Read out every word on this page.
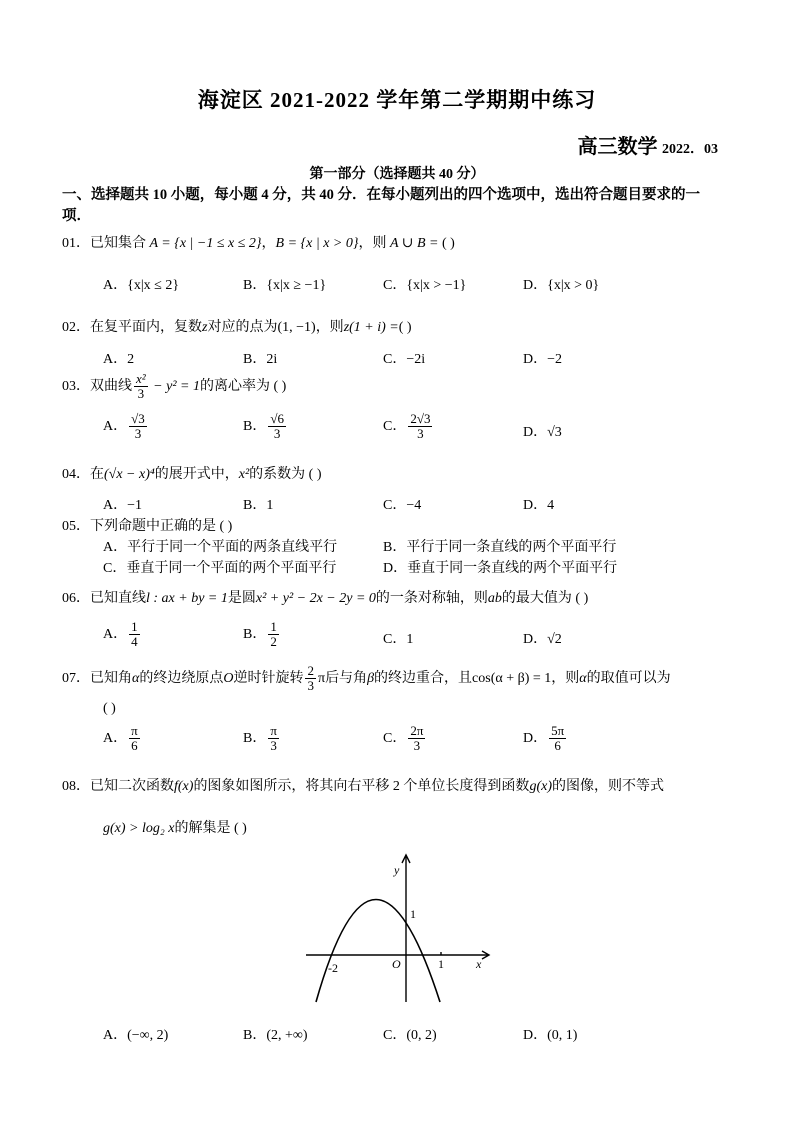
海淀区 2021-2022 学年第二学期期中练习
高三数学 2022．03
第一部分（选择题共 40 分）
一、选择题共 10 小题，每小题 4 分，共 40 分．在每小题列出的四个选项中，选出符合题目要求的一
项．
01．已知集合 A = {x | −1 ≤ x ≤ 2}，B = {x | x > 0}，则 A ∪ B = ( )
A．{x|x ≤ 2}	B．{x|x ≥ −1}	C．{x|x > −1}	D．{x|x > 0}
02．在复平面内，复数z对应的点为(1, −1)，则z(1 + i) =( )
A．2	B．2i	C．−2i	D．−2
03．双曲线 $\frac{\text{x²}}{3} - y^2 = 1$的离心率为 ( )
A． $\frac{√3}{3}$	B． $\frac{√6}{3}$	C． $\frac{2√3}{3}$	D．√3
04．在(√x − x)⁴的展开式中，x²的系数为 ( )
A．−1	B．1	C．−4	D．4
05．下列命题中正确的是 ( )
A．平行于同一个平面的两条直线平行	B．平行于同一条直线的两个平面平行
C．垂直于同一个平面的两个平面平行	D．垂直于同一条直线的两个平面平行
06．已知直线l : ax + by = 1是圆x² + y² − 2x − 2y = 0的一条对称轴，则ab的最大值为 ( )
A． $\frac{1}{4}$	B． $\frac{1}{2}$	C．1	D．√2
07．已知角α的终边绕原点O逆时针旋转 $\frac{2}{3}$ π后与角β的终边重合，且cos(α + β) = 1，则α的取值可以为
( )
A． $\frac{\pi}{6}$	B． $\frac{\pi}{3}$	C． $\frac{2\pi}{3}$	D． $\frac{5\pi}{6}$
08．已知二次函数f(x)的图象如图所示，将其向右平移 2 个单位长度得到函数g(x)的图像，则不等式
g(x) > log₂ x的解集是 ( )
y
x
O
1
1
-2
A．(−∞, 2)	B．(2, +∞)	C．(0, 2)	D．(0, 1)
